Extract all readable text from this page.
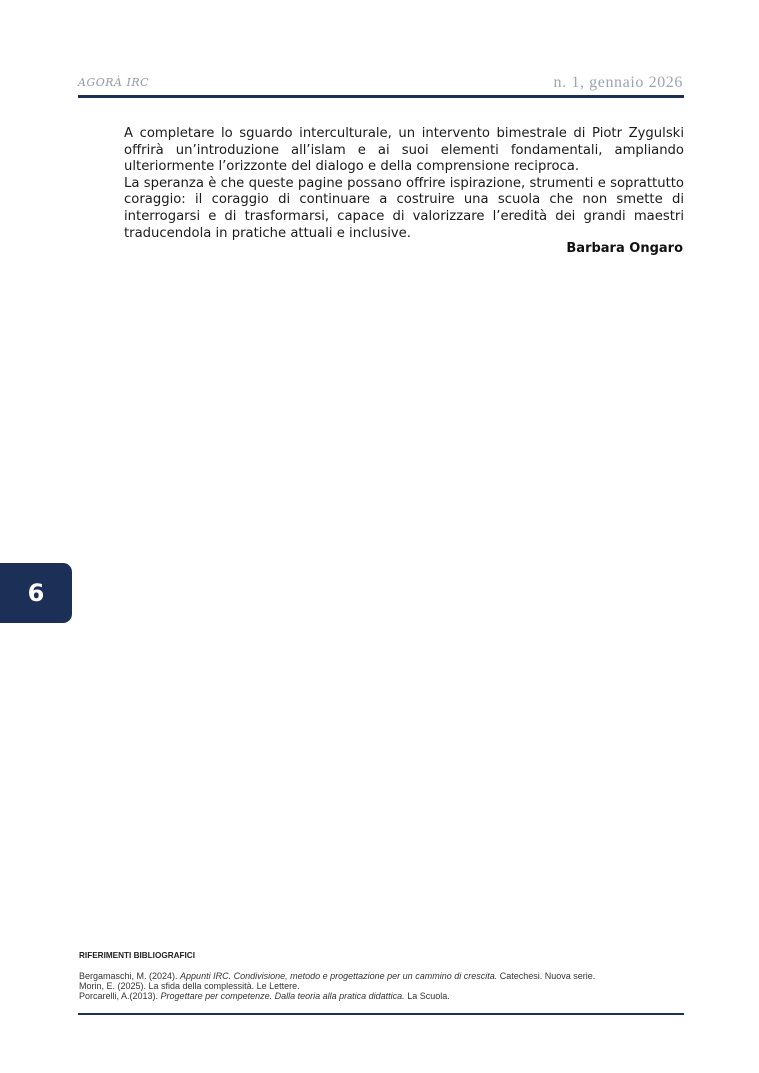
AGORÀ IRC	n. 1, gennaio 2026

A completare lo sguardo interculturale, un intervento bimestrale di Piotr Zygulski offrirà un’introduzione all’islam e ai suoi elementi fondamentali, ampliando ulteriormente l’orizzonte del dialogo e della comprensione reciproca.

La speranza è che queste pagine possano offrire ispirazione, strumenti e soprattutto coraggio: il coraggio di continuare a costruire una scuola che non smette di interrogarsi e di trasformarsi, capace di valorizzare l’eredità dei grandi maestri traducendola in pratiche attuali e inclusive.

Barbara Ongaro
6
RIFERIMENTI BIBLIOGRAFICI
Bergamaschi, M. (2024). Appunti IRC. Condivisione, metodo e progettazione per un cammino di crescita. Catechesi. Nuova serie.
Morin, E. (2025). La sfida della complessità. Le Lettere.
Porcarelli, A.(2013). Progettare per competenze. Dalla teoria alla pratica didattica. La Scuola.
